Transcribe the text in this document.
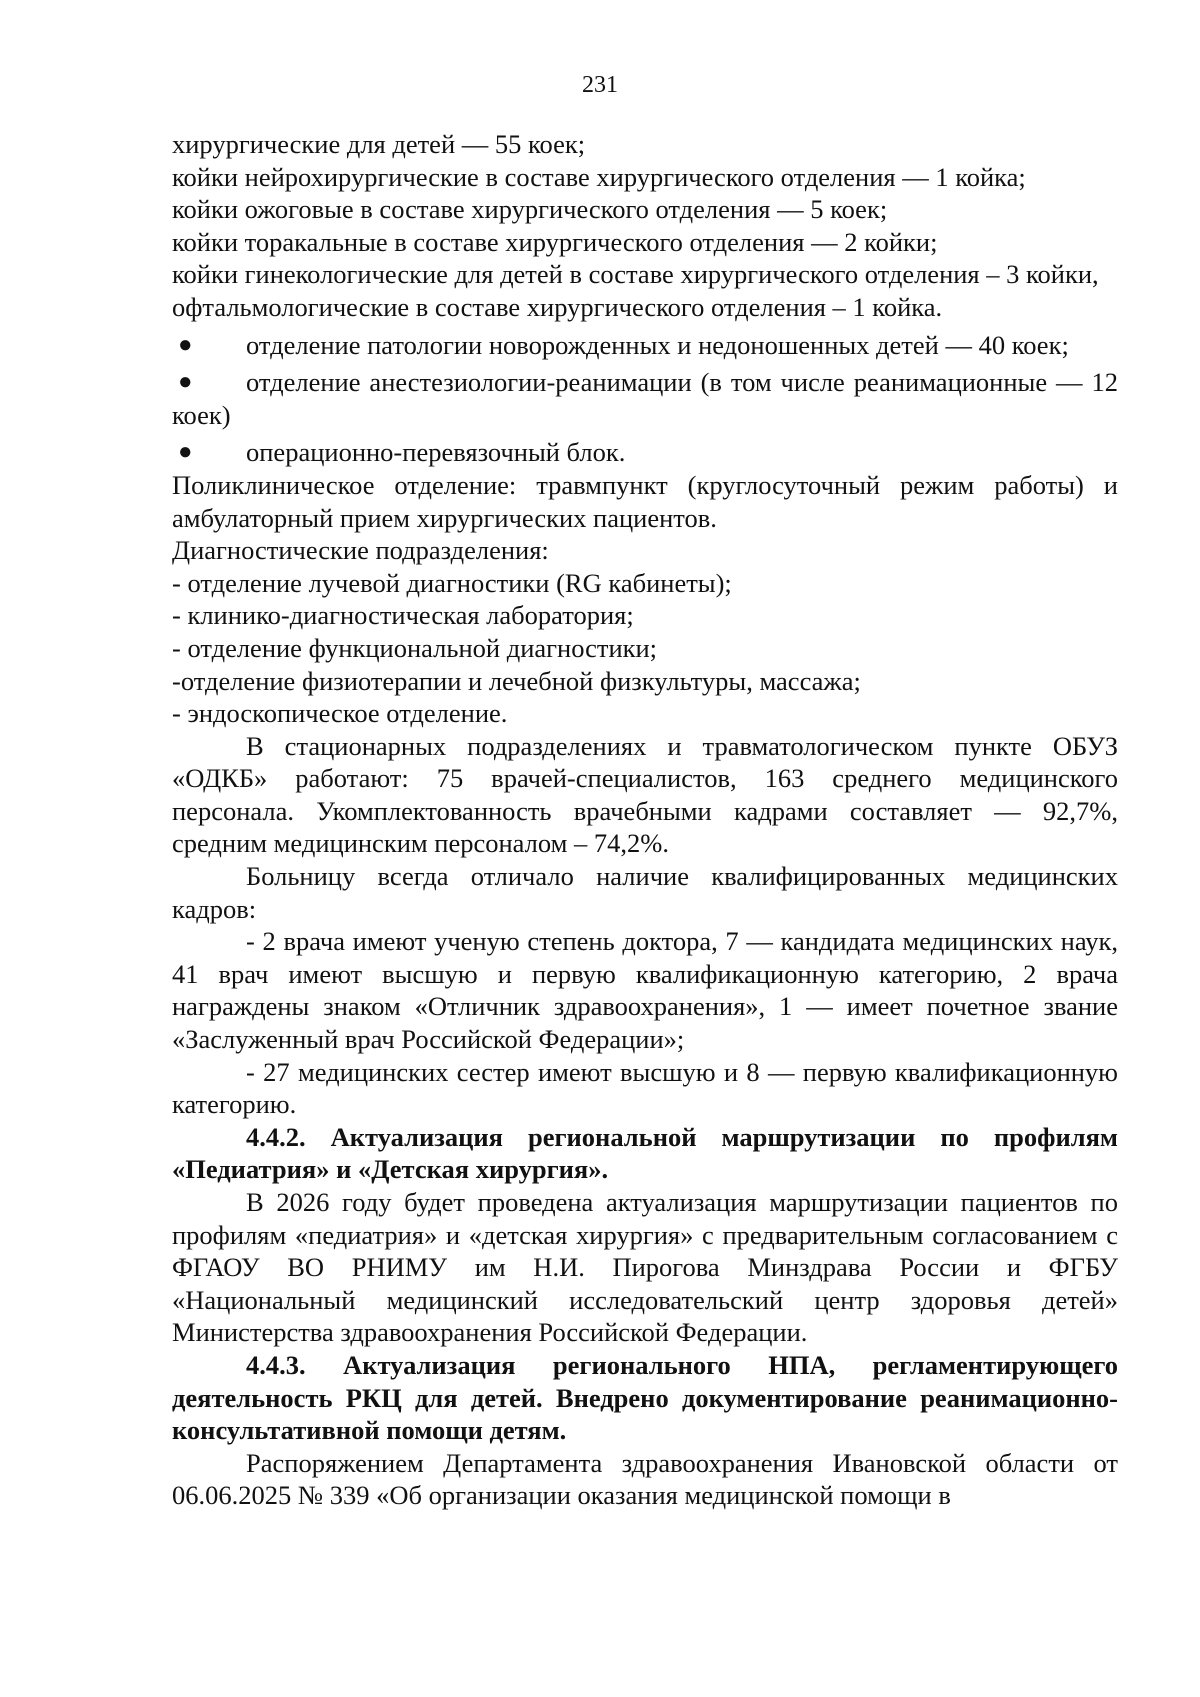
231

хирургические для детей — 55 коек;

койки нейрохирургические в составе хирургического отделения — 1 койка;

койки ожоговые в составе хирургического отделения — 5 коек;

койки торакальные в составе хирургического отделения — 2 койки;

койки гинекологические для детей в составе хирургического отделения – 3 койки,

офтальмологические в составе хирургического отделения – 1 койка.

● отделение патологии новорожденных и недоношенных детей — 40 коек;

● отделение анестезиологии-реанимации (в том числе реанимационные — 12 коек)

● операционно-перевязочный блок.

Поликлиническое отделение: травмпункт (круглосуточный режим работы) и амбулаторный прием хирургических пациентов.

Диагностические подразделения:

- отделение лучевой диагностики (RG кабинеты);

- клинико-диагностическая лаборатория;

- отделение функциональной диагностики;

-отделение физиотерапии и лечебной физкультуры, массажа;

- эндоскопическое отделение.

В стационарных подразделениях и травматологическом пункте ОБУЗ «ОДКБ» работают: 75 врачей-специалистов, 163 среднего медицинского персонала. Укомплектованность врачебными кадрами составляет — 92,7%, средним медицинским персоналом – 74,2%.

Больницу всегда отличало наличие квалифицированных медицинских кадров:

- 2 врача имеют ученую степень доктора, 7 — кандидата медицинских наук, 41 врач имеют высшую и первую квалификационную категорию, 2 врача награждены знаком «Отличник здравоохранения», 1 — имеет почетное звание «Заслуженный врач Российской Федерации»;

- 27 медицинских сестер имеют высшую и 8 — первую квалификационную категорию.

4.4.2. Актуализация региональной маршрутизации по профилям «Педиатрия» и «Детская хирургия».

В 2026 году будет проведена актуализация маршрутизации пациентов по профилям «педиатрия» и «детская хирургия» с предварительным согласованием с ФГАОУ ВО РНИМУ им Н.И. Пирогова Минздрава России и ФГБУ «Национальный медицинский исследовательский центр здоровья детей» Министерства здравоохранения Российской Федерации.

4.4.3. Актуализация регионального НПА, регламентирующего деятельность РКЦ для детей. Внедрено документирование реанимационно-консультативной помощи детям.

Распоряжением Департамента здравоохранения Ивановской области от 06.06.2025 № 339 «Об организации оказания медицинской помощи в
